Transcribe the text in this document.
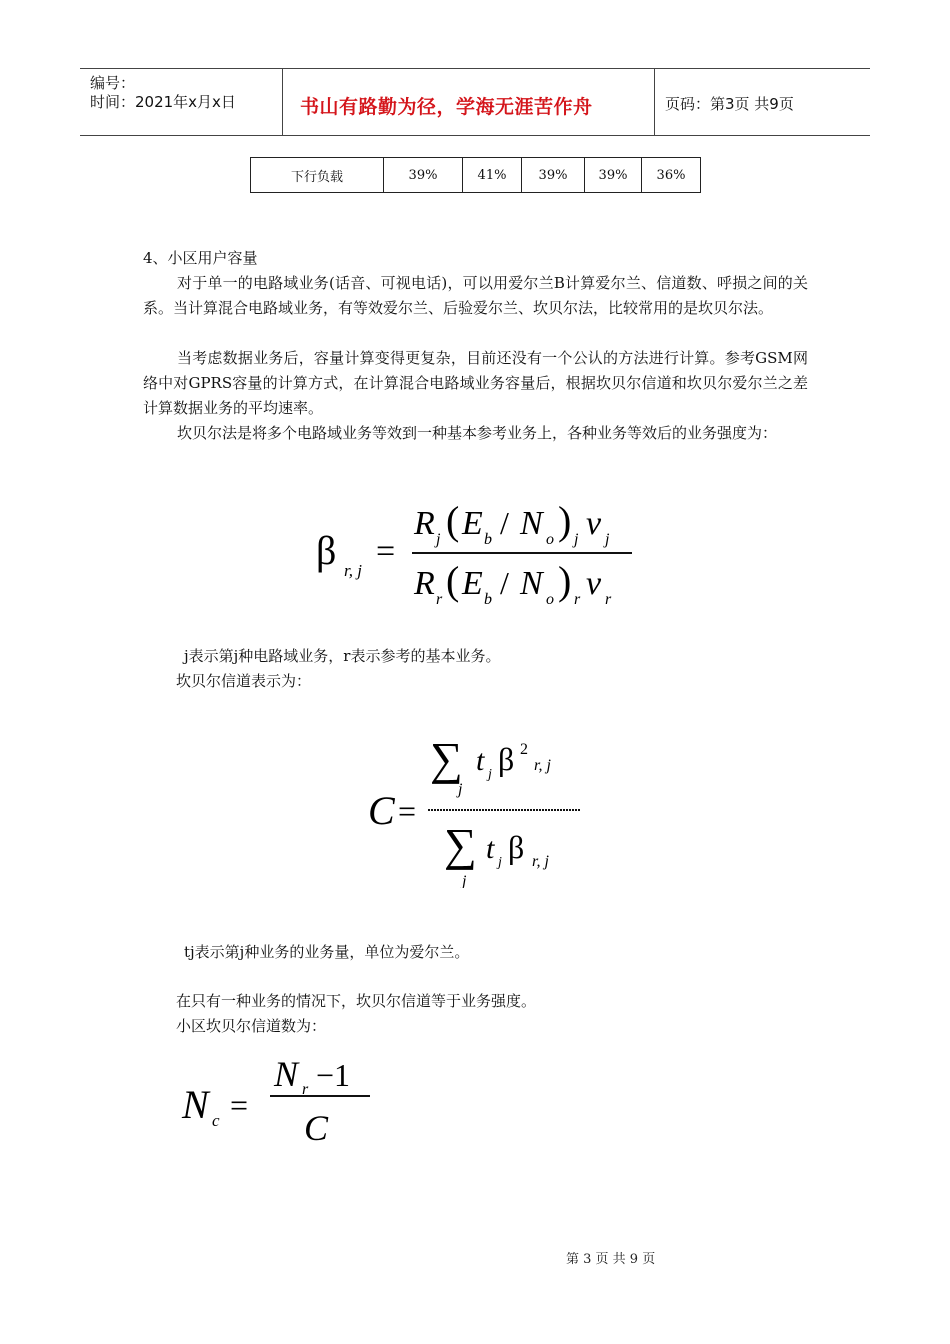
编号：
时间：2021年x月x日	书山有路勤为径，学海无涯苦作舟	页码：第3页 共9页
下行负载	39%	41%	39%	39%	36%
4、小区用户容量
对于单一的电路域业务(话音、可视电话)，可以用爱尔兰B计算爱尔兰、信道数、呼损之间的关系。当计算混合电路域业务，有等效爱尔兰、后验爱尔兰、坎贝尔法，比较常用的是坎贝尔法。
当考虑数据业务后，容量计算变得更复杂，目前还没有一个公认的方法进行计算。参考GSM网络中对GPRS容量的计算方式，在计算混合电路域业务容量后，根据坎贝尔信道和坎贝尔爱尔兰之差计算数据业务的平均速率。
坎贝尔法是将多个电路域业务等效到一种基本参考业务上，各种业务等效后的业务强度为：
β r, j
=
R j ( E b / N o ) j v j
R r ( E b / N o ) r v r
j表示第j种电路域业务，r表示参考的基本业务。
坎贝尔信道表示为：
C =
∑
j
t j β 2
r, j
∑
j
t j β r, j
tj表示第j种业务的业务量，单位为爱尔兰。
在只有一种业务的情况下，坎贝尔信道等于业务强度。
小区坎贝尔信道数为：
N c =
N r −1
C
第 3 页 共 9 页
